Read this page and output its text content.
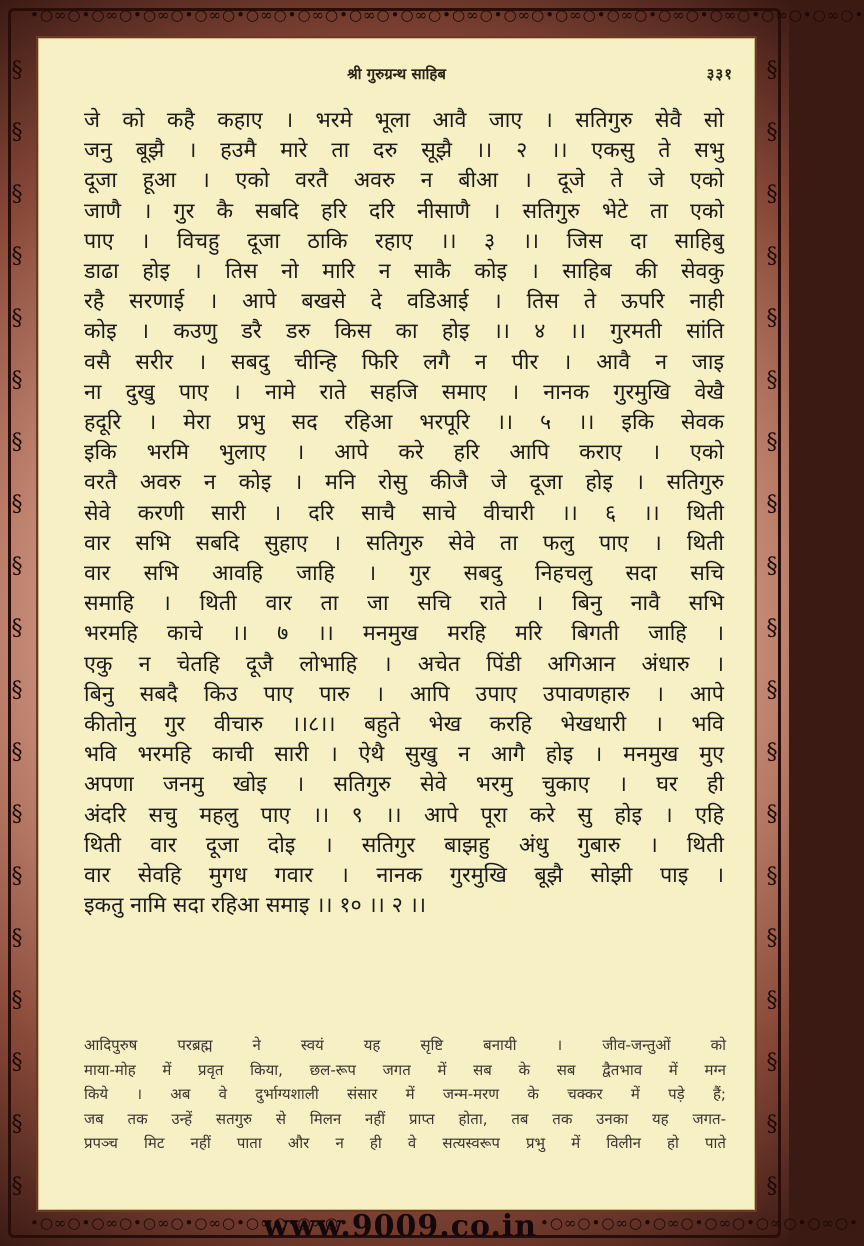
•○∞○•○∞○•○∞○•○∞○•○∞○•○∞○•○∞○•○∞○•○∞○•○∞○•○∞○•○∞○•○∞○•○∞○•○∞○•○∞○•
§
§
§
§
§
§
§
§
§
§
§
§
§
§
§
§
§
§
§
§
§
§
§
§
§
§
§
§
§
§
§
§
§
§
§
§
§
§
•○∞○•○∞○•○∞○•○∞○•○∞○•○∞○•	•○∞○•○∞○•○∞○•○∞○•○∞○•○∞○•
श्री गुरुग्रन्थ साहिब	३३१
जे को कहै कहाए । भरमे भूला आवै जाए । सतिगुरु सेवै सो
जनु बूझै । हउमै मारे ता दरु सूझै ।। २ ।। एकसु ते सभु
दूजा हूआ । एको वरतै अवरु न बीआ । दूजे ते जे एको
जाणै । गुर कै सबदि हरि दरि नीसाणै । सतिगुरु भेटे ता एको
पाए । विचहु दूजा ठाकि रहाए ।। ३ ।। जिस दा साहिबु
डाढा होइ । तिस नो मारि न साकै कोइ । साहिब की सेवकु
रहै सरणाई । आपे बखसे दे वडिआई । तिस ते ऊपरि नाही
कोइ । कउणु डरै डरु किस का होइ ।। ४ ।। गुरमती सांति
वसै सरीर । सबदु चीन्हि फिरि लगै न पीर । आवै न जाइ
ना दुखु पाए । नामे राते सहजि समाए । नानक गुरमुखि वेखै
हदूरि । मेरा प्रभु सद रहिआ भरपूरि ।। ५ ।। इकि सेवक
इकि भरमि भुलाए । आपे करे हरि आपि कराए । एको
वरतै अवरु न कोइ । मनि रोसु कीजै जे दूजा होइ । सतिगुरु
सेवे करणी सारी । दरि साचै साचे वीचारी ।। ६ ।। थिती
वार सभि सबदि सुहाए । सतिगुरु सेवे ता फलु पाए । थिती
वार सभि आवहि जाहि । गुर सबदु निहचलु सदा सचि
समाहि । थिती वार ता जा सचि राते । बिनु नावै सभि
भरमहि काचे ।। ७ ।। मनमुख मरहि मरि बिगती जाहि ।
एकु न चेतहि दूजै लोभाहि । अचेत पिंडी अगिआन अंधारु ।
बिनु सबदै किउ पाए पारु । आपि उपाए उपावणहारु । आपे
कीतोनु गुर वीचारु ।।८।। बहुते भेख करहि भेखधारी । भवि
भवि भरमहि काची सारी । ऐथै सुखु न आगै होइ । मनमुख मुए
अपणा जनमु खोइ । सतिगुरु सेवे भरमु चुकाए । घर ही
अंदरि सचु महलु पाए ।। ९ ।। आपे पूरा करे सु होइ । एहि
थिती वार दूजा दोइ । सतिगुर बाझहु अंधु गुबारु । थिती
वार सेवहि मुगध गवार । नानक गुरमुखि बूझै सोझी पाइ ।
इकतु नामि सदा रहिआ समाइ ।। १० ।। २ ।।
आदिपुरुष परब्रह्म ने स्वयं यह सृष्टि बनायी । जीव-जन्तुओं को
माया-मोह में प्रवृत किया, छल-रूप जगत में सब के सब द्वैतभाव में मग्न
किये । अब वे दुर्भाग्यशाली संसार में जन्म-मरण के चक्कर में पड़े हैं;
जब तक उन्हें सतगुरु से मिलन नहीं प्राप्त होता, तब तक उनका यह जगत-
प्रपञ्च मिट नहीं पाता और न ही वे सत्यस्वरूप प्रभु में विलीन हो पाते
www.9009.co.in
